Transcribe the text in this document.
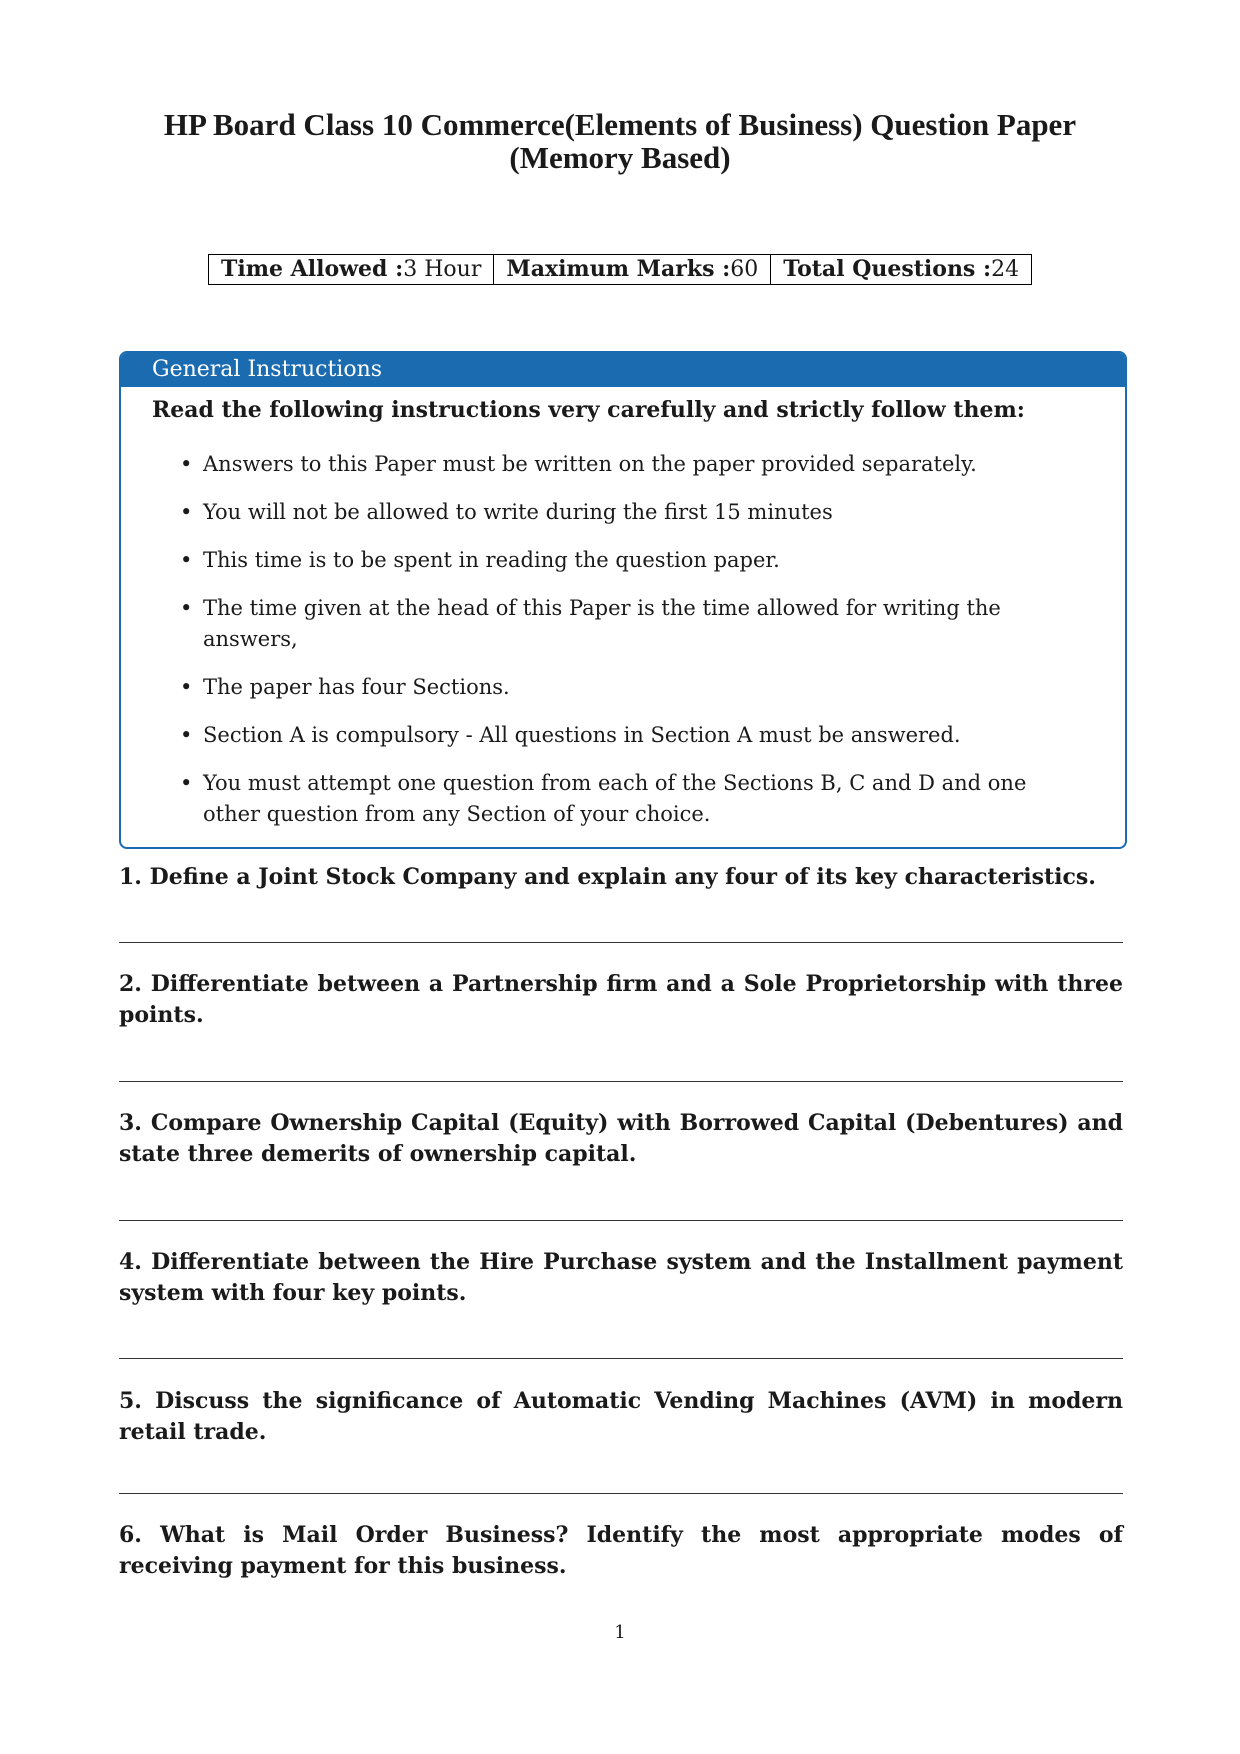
HP Board Class 10 Commerce(Elements of Business) Question Paper (Memory Based)
Time Allowed :3 Hour	Maximum Marks :60	Total Questions :24
General Instructions

Read the following instructions very carefully and strictly follow them:

• Answers to this Paper must be written on the paper provided separately.
• You will not be allowed to write during the first 15 minutes
• This time is to be spent in reading the question paper.
• The time given at the head of this Paper is the time allowed for writing the answers,
• The paper has four Sections.
• Section A is compulsory - All questions in Section A must be answered.
• You must attempt one question from each of the Sections B, C and D and one other question from any Section of your choice.

1. Define a Joint Stock Company and explain any four of its key characteristics.

2. Differentiate between a Partnership firm and a Sole Proprietorship with three points.

3. Compare Ownership Capital (Equity) with Borrowed Capital (Debentures) and state three demerits of ownership capital.

4. Differentiate between the Hire Purchase system and the Installment payment system with four key points.

5. Discuss the significance of Automatic Vending Machines (AVM) in modern retail trade.

6. What is Mail Order Business? Identify the most appropriate modes of receiving payment for this business.

1
